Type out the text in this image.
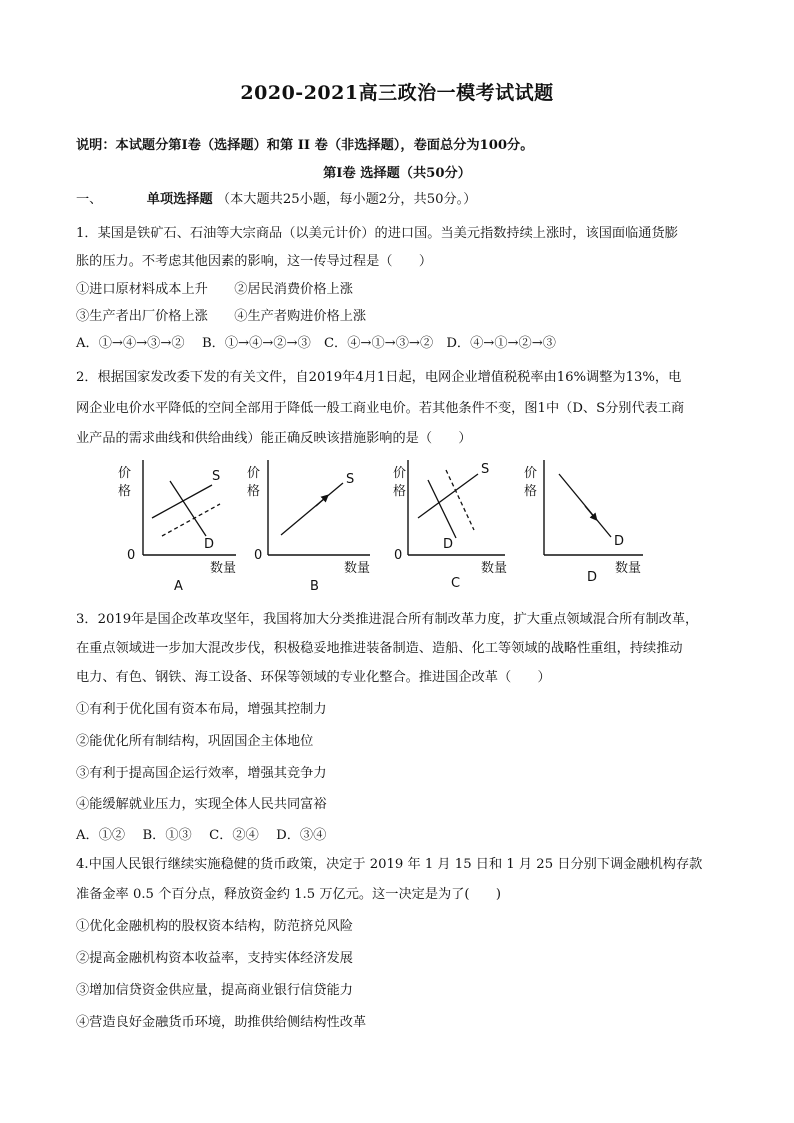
2020-2021高三政治一模考试试题
说明：本试题分第Ⅰ卷（选择题）和第 II 卷（非选择题），卷面总分为100分。
第Ⅰ卷 选择题（共50分）
一、	单项选择题 （本大题共25小题，每小题2分，共50分。）
1．某国是铁矿石、石油等大宗商品（以美元计价）的进口国。当美元指数持续上涨时，该国面临通货膨
胀的压力。不考虑其他因素的影响，这一传导过程是（　　）
①进口原材料成本上升　　②居民消费价格上涨
③生产者出厂价格上涨　　④生产者购进价格上涨
A．①→④→③→②　 B．①→④→②→③　C．④→①→③→②　D．④→①→②→③
2．根据国家发改委下发的有关文件，自2019年4月1日起，电网企业增值税税率由16%调整为13%，电
网企业电价水平降低的空间全部用于降低一般工商业电价。若其他条件不变，图1中（D、S分别代表工商
业产品的需求曲线和供给曲线）能正确反映该措施影响的是（　　）
价
格
0
数量
S
D
A
价
格
0
数量
S
B
价
格
0
数量
S
D
C
价
格
数量
D
D
3．2019年是国企改革攻坚年，我国将加大分类推进混合所有制改革力度，扩大重点领域混合所有制改革，
在重点领域进一步加大混改步伐，积极稳妥地推进装备制造、造船、化工等领域的战略性重组，持续推动
电力、有色、钢铁、海工设备、环保等领域的专业化整合。推进国企改革（　　）
①有利于优化国有资本布局，增强其控制力
②能优化所有制结构，巩固国企主体地位
③有利于提高国企运行效率，增强其竞争力
④能缓解就业压力，实现全体人民共同富裕
A．①②　 B．①③　 C．②④　 D．③④
4.中国人民银行继续实施稳健的货币政策，决定于 2019 年 1 月 15 日和 1 月 25 日分别下调金融机构存款
准备金率 0.5 个百分点，释放资金约 1.5 万亿元。这一决定是为了(　　)
①优化金融机构的股权资本结构，防范挤兑风险
②提高金融机构资本收益率，支持实体经济发展
③增加信贷资金供应量，提高商业银行信贷能力
④营造良好金融货币环境，助推供给侧结构性改革
